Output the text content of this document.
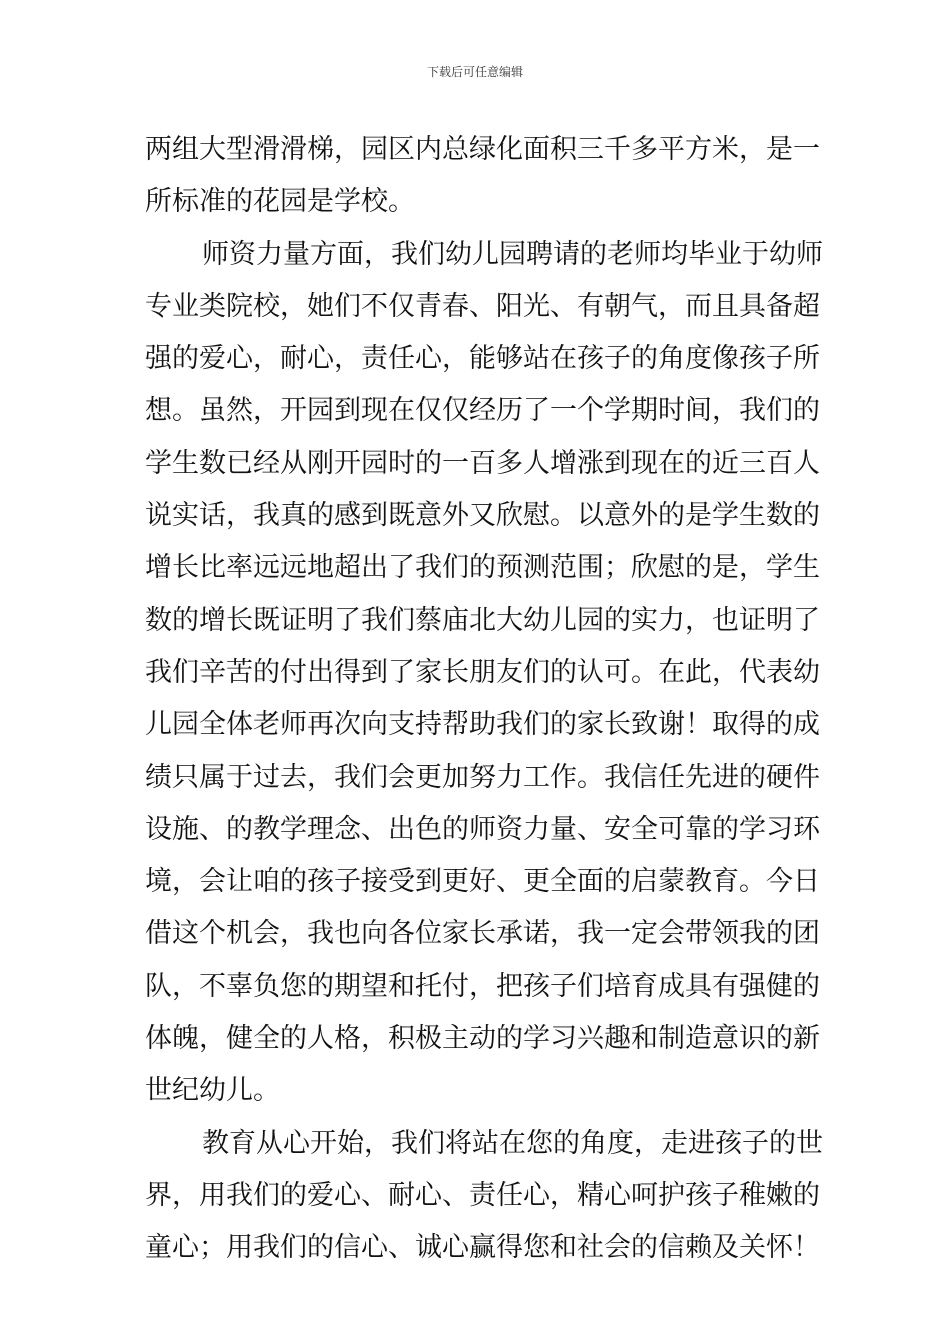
下载后可任意编辑
两组大型滑滑梯，园区内总绿化面积三千多平方米，是一
所标准的花园是学校。
师资力量方面，我们幼儿园聘请的老师均毕业于幼师
专业类院校，她们不仅青春、阳光、有朝气，而且具备超
强的爱心，耐心，责任心，能够站在孩子的角度像孩子所
想。虽然，开园到现在仅仅经历了一个学期时间，我们的
学生数已经从刚开园时的一百多人增涨到现在的近三百人
说实话，我真的感到既意外又欣慰。以意外的是学生数的
增长比率远远地超出了我们的预测范围；欣慰的是，学生
数的增长既证明了我们蔡庙北大幼儿园的实力，也证明了
我们辛苦的付出得到了家长朋友们的认可。在此，代表幼
儿园全体老师再次向支持帮助我们的家长致谢！取得的成
绩只属于过去，我们会更加努力工作。我信任先进的硬件
设施、的教学理念、出色的师资力量、安全可靠的学习环
境，会让咱的孩子接受到更好、更全面的启蒙教育。今日
借这个机会，我也向各位家长承诺，我一定会带领我的团
队，不辜负您的期望和托付，把孩子们培育成具有强健的
体魄，健全的人格，积极主动的学习兴趣和制造意识的新
世纪幼儿。
教育从心开始，我们将站在您的角度，走进孩子的世
界，用我们的爱心、耐心、责任心，精心呵护孩子稚嫩的
童心；用我们的信心、诚心赢得您和社会的信赖及关怀！
